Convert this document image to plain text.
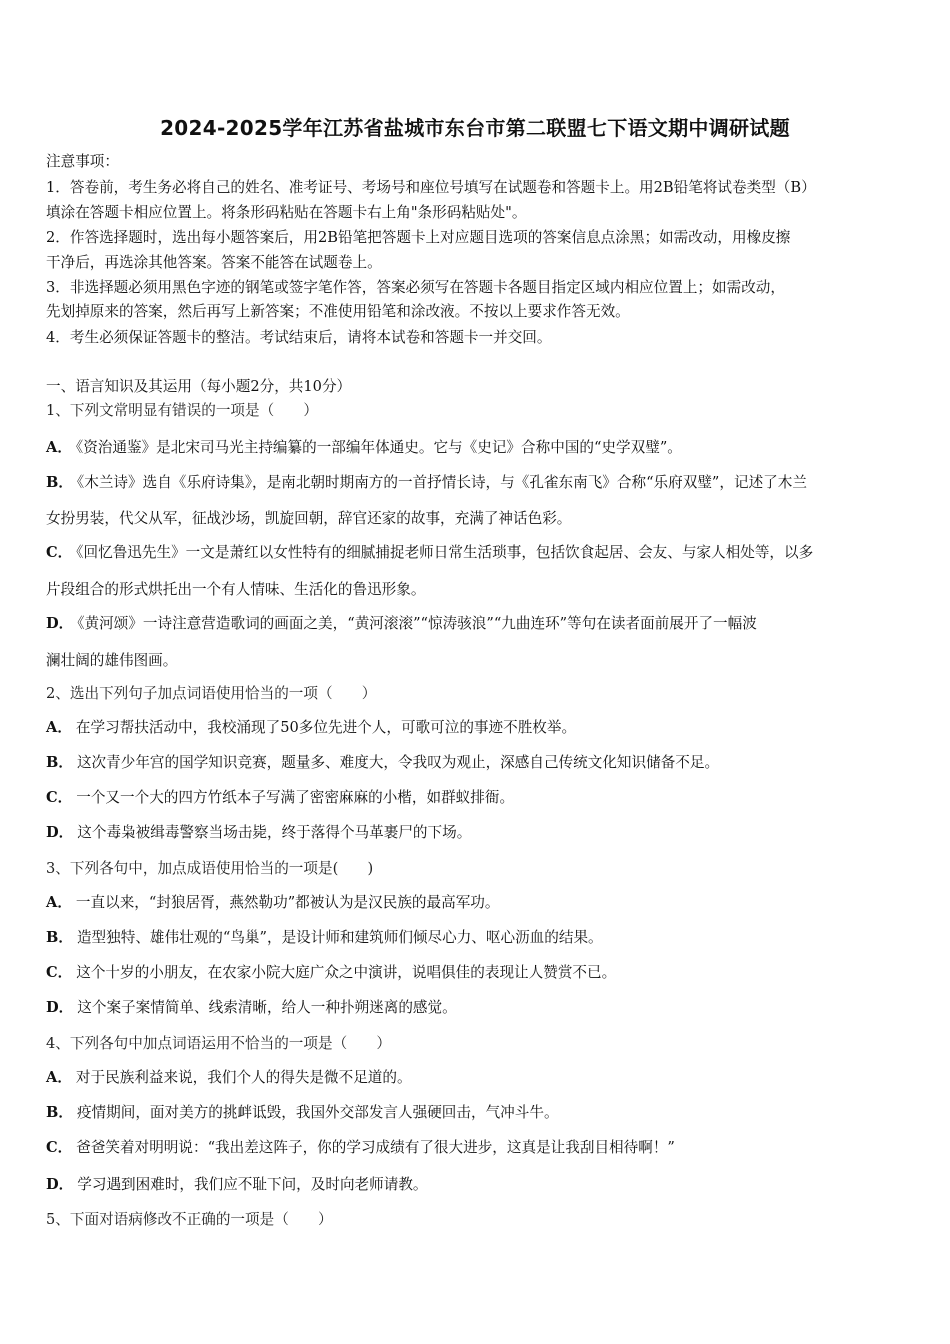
2024-2025学年江苏省盐城市东台市第二联盟七下语文期中调研试题
注意事项：
1．答卷前，考生务必将自己的姓名、准考证号、考场号和座位号填写在试题卷和答题卡上。用2B铅笔将试卷类型（B）
填涂在答题卡相应位置上。将条形码粘贴在答题卡右上角"条形码粘贴处"。
2．作答选择题时，选出每小题答案后，用2B铅笔把答题卡上对应题目选项的答案信息点涂黑；如需改动，用橡皮擦
干净后，再选涂其他答案。答案不能答在试题卷上。
3．非选择题必须用黑色字迹的钢笔或签字笔作答，答案必须写在答题卡各题目指定区域内相应位置上；如需改动，
先划掉原来的答案，然后再写上新答案；不准使用铅笔和涂改液。不按以上要求作答无效。
4．考生必须保证答题卡的整洁。考试结束后，请将本试卷和答题卡一并交回。
一、语言知识及其运用（每小题2分，共10分）
1、下列文常明显有错误的一项是（　　）
A． 《资治通鉴》是北宋司马光主持编纂的一部编年体通史。它与《史记》合称中国的“史学双璧”。
B． 《木兰诗》选自《乐府诗集》，是南北朝时期南方的一首抒情长诗，与《孔雀东南飞》合称“乐府双璧”，记述了木兰
女扮男装，代父从军，征战沙场，凯旋回朝，辞官还家的故事，充满了神话色彩。
C． 《回忆鲁迅先生》一文是萧红以女性特有的细腻捕捉老师日常生活琐事，包括饮食起居、会友、与家人相处等，以多
片段组合的形式烘托出一个有人情味、生活化的鲁迅形象。
D． 《黄河颂》一诗注意营造歌词的画面之美，“黄河滚滚”“惊涛骇浪”“九曲连环”等句在读者面前展开了一幅波
澜壮阔的雄伟图画。
2、选出下列句子加点词语使用恰当的一项（　　）
A． 在学习帮扶活动中，我校涌现了50多位先进个人，可歌可泣的事迹不胜枚举。
B． 这次青少年宫的国学知识竞赛，题量多、难度大，令我叹为观止，深感自己传统文化知识储备不足。
C． 一个又一个大的四方竹纸本子写满了密密麻麻的小楷，如群蚁排衙。
D． 这个毒枭被缉毒警察当场击毙，终于落得个马革裹尸的下场。
3、下列各句中，加点成语使用恰当的一项是(　　)
A． 一直以来，“封狼居胥，燕然勒功”都被认为是汉民族的最高军功。
B． 造型独特、雄伟壮观的“鸟巢”，是设计师和建筑师们倾尽心力、呕心沥血的结果。
C． 这个十岁的小朋友，在农家小院大庭广众之中演讲，说唱俱佳的表现让人赞赏不已。
D． 这个案子案情简单、线索清晰，给人一种扑朔迷离的感觉。
4、下列各句中加点词语运用不恰当的一项是（　　）
A． 对于民族利益来说，我们个人的得失是微不足道的。
B． 疫情期间，面对美方的挑衅诋毁，我国外交部发言人强硬回击，气冲斗牛。
C． 爸爸笑着对明明说：“我出差这阵子，你的学习成绩有了很大进步，这真是让我刮目相待啊！”
D． 学习遇到困难时，我们应不耻下问，及时向老师请教。
5、下面对语病修改不正确的一项是（　　）
